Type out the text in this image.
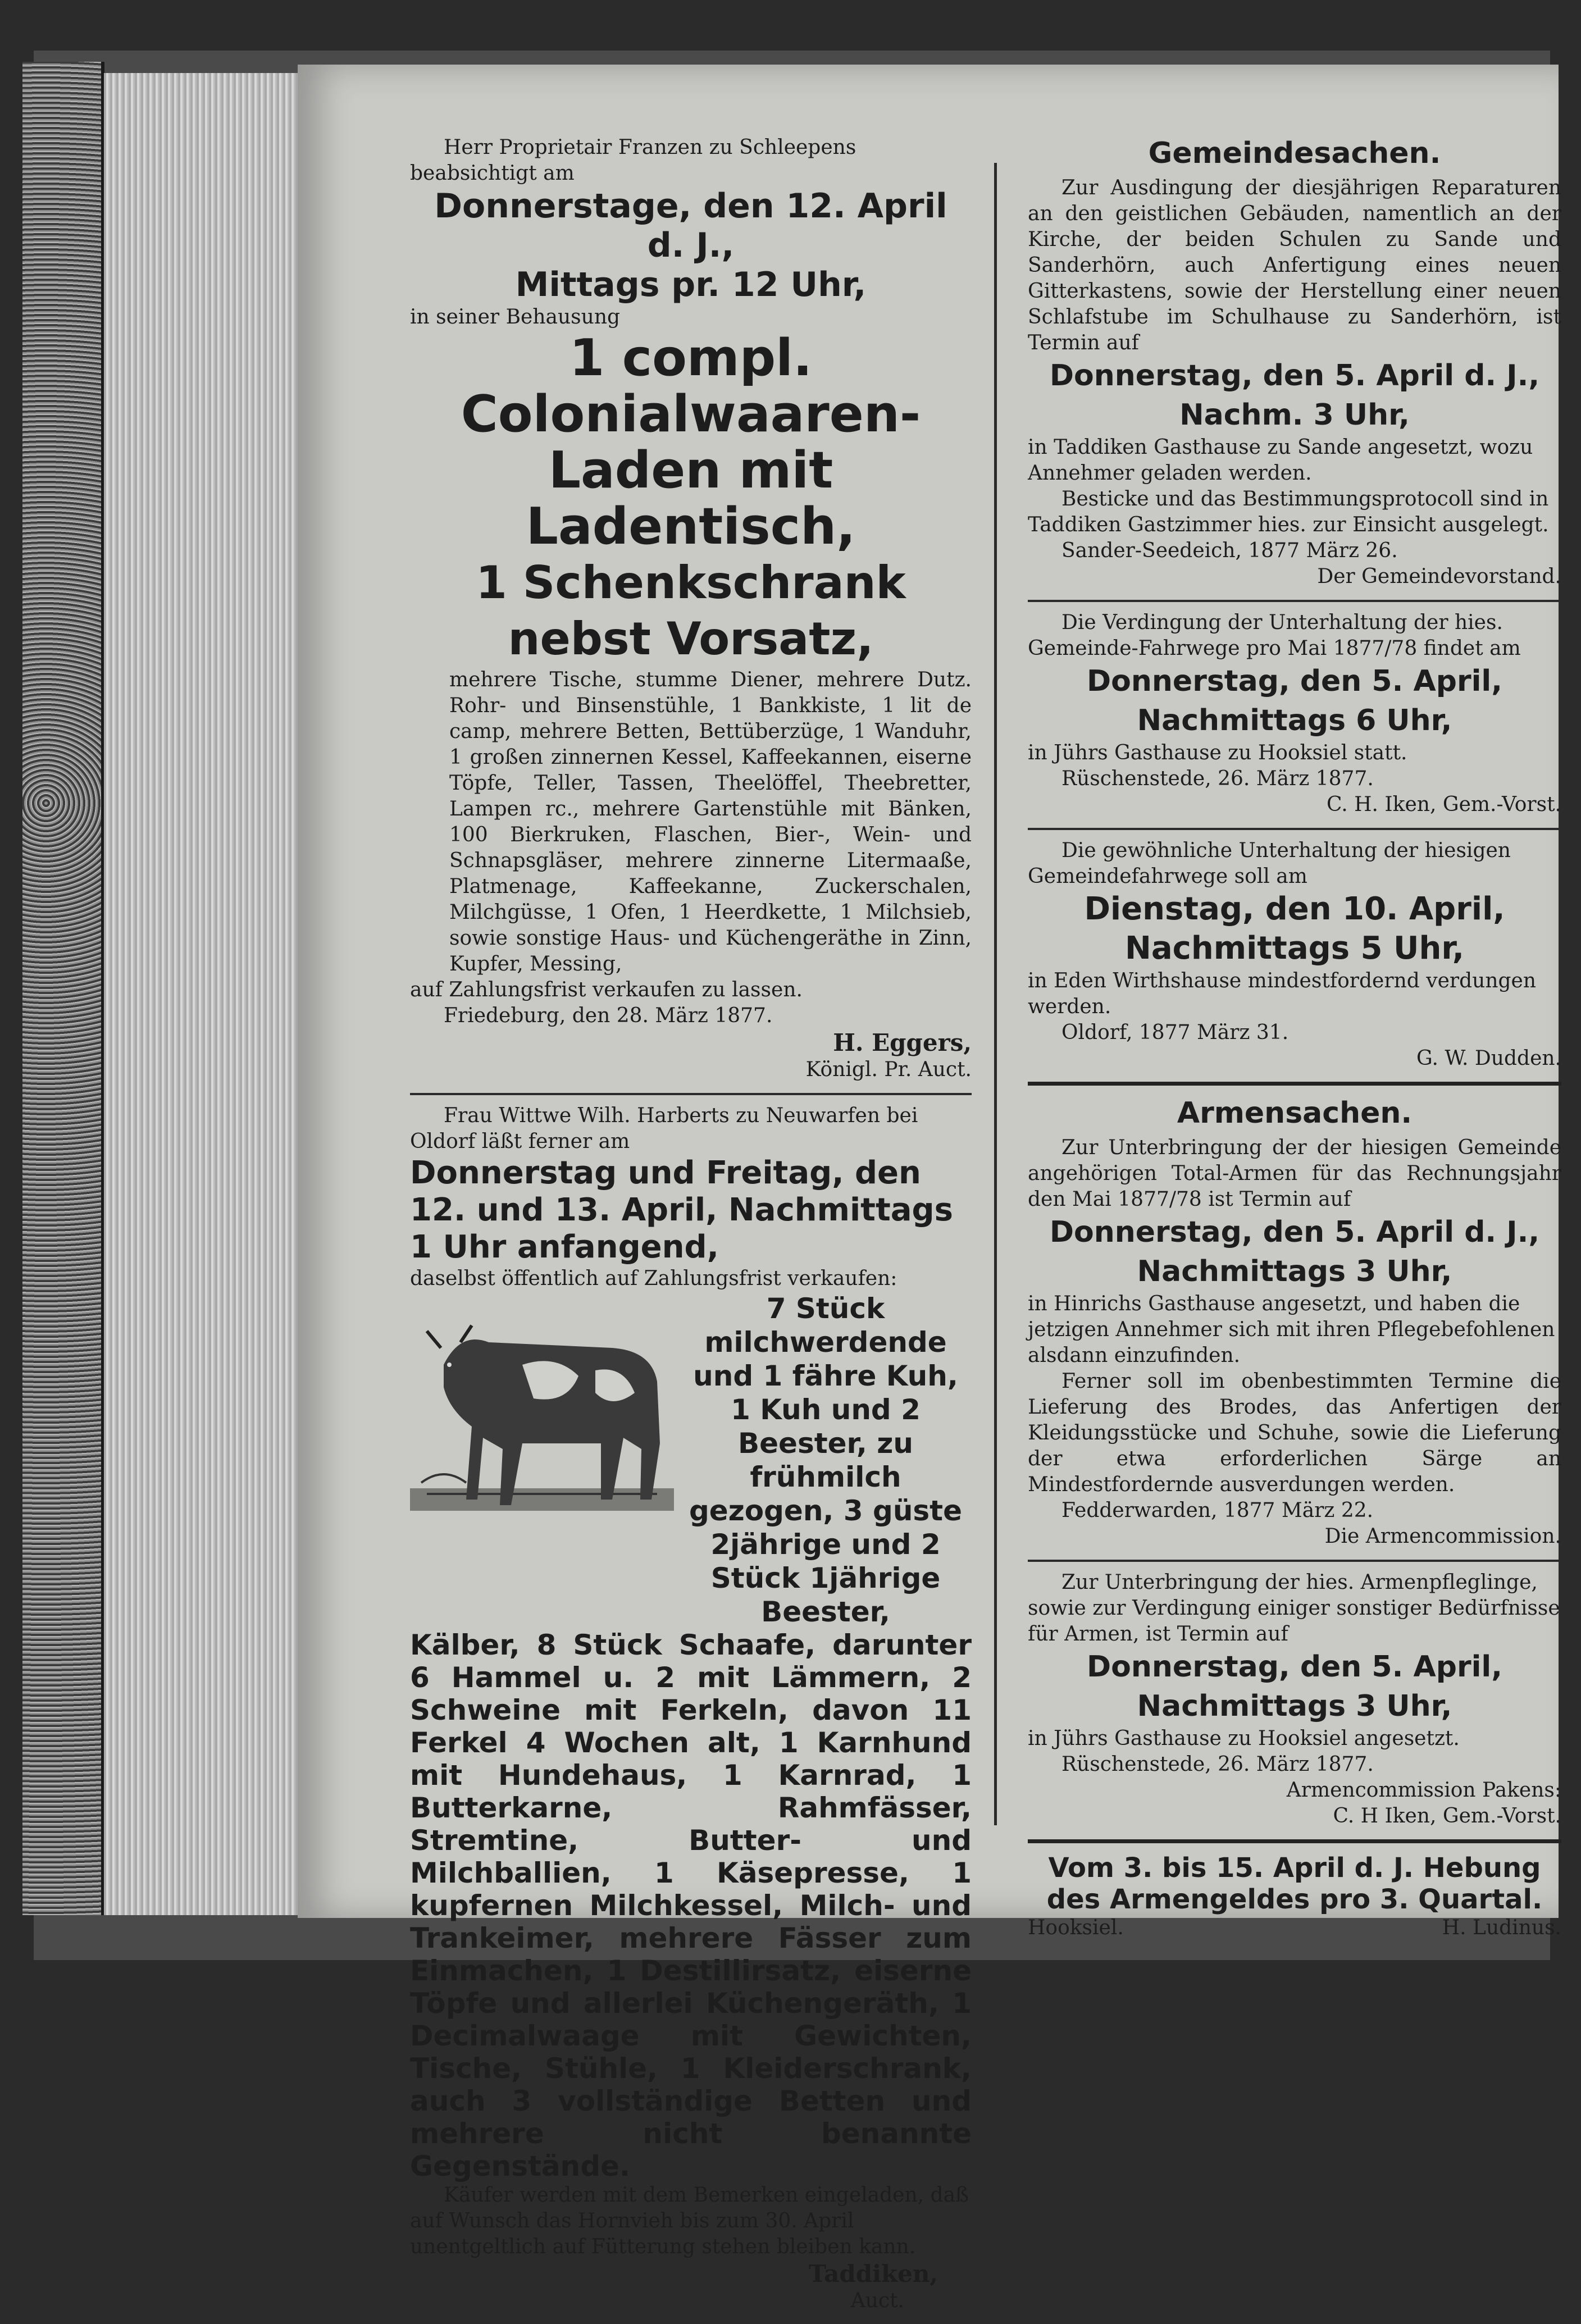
Herr Proprietair Franzen zu Schleepens beabsichtigt am

Donnerstage, den 12. April d. J.,

Mittags pr. 12 Uhr,

in seiner Behausung

1 compl. Colonialwaaren-

Laden mit Ladentisch,

1 Schenkschrank nebst Vorsatz,

mehrere Tische, stumme Diener, mehrere Dutz. Rohr- und Binsenstühle, 1 Bankkiste, 1 lit de camp, mehrere Betten, Bettüberzüge, 1 Wanduhr, 1 großen zinnernen Kessel, Kaffeekannen, eiserne Töpfe, Teller, Tassen, Theelöffel, Theebretter, Lampen rc., mehrere Gartenstühle mit Bänken, 100 Bierkruken, Flaschen, Bier-, Wein- und Schnapsgläser, mehrere zinnerne Litermaaße, Platmenage, Kaffeekanne, Zuckerschalen, Milchgüsse, 1 Ofen, 1 Heerdkette, 1 Milchsieb, sowie sonstige Haus- und Küchengeräthe in Zinn, Kupfer, Messing,

auf Zahlungsfrist verkaufen zu lassen.

Friedeburg, den 28. März 1877.

H. Eggers,

Königl. Pr. Auct.

Frau Wittwe Wilh. Harberts zu Neuwarfen bei Oldorf läßt ferner am

Donnerstag und Freitag, den 12. und 13. April, Nachmittags 1 Uhr anfangend,

daselbst öffentlich auf Zahlungsfrist verkaufen:

7 Stück milchwerdende und 1 fähre Kuh, 1 Kuh und 2 Beester, zu frühmilch gezogen, 3 güste 2jährige und 2 Stück 1jährige Beester,

Kälber, 8 Stück Schaafe, darunter 6 Hammel u. 2 mit Lämmern, 2 Schweine mit Ferkeln, davon 11 Ferkel 4 Wochen alt, 1 Karnhund mit Hundehaus, 1 Karnrad, 1 Butterkarne, Rahmfässer, Stremtine, Butter- und Milchballien, 1 Käsepresse, 1 kupfernen Milchkessel, Milch- und Trankeimer, mehrere Fässer zum Einmachen, 1 Destillirsatz, eiserne Töpfe und allerlei Küchengeräth, 1 Decimalwaage mit Gewichten, Tische, Stühle, 1 Kleiderschrank, auch 3 vollständige Betten und mehrere nicht benannte Gegenstände.

Käufer werden mit dem Bemerken eingeladen, daß auf Wunsch das Hornvieh bis zum 30. April unentgeltlich auf Fütterung stehen bleiben kann.

Taddiken,

Auct.

Gemeindesachen.

Zur Ausdingung der diesjährigen Reparaturen an den geistlichen Gebäuden, namentlich an der Kirche, der beiden Schulen zu Sande und Sanderhörn, auch Anfertigung eines neuen Gitterkastens, sowie der Herstellung einer neuen Schlafstube im Schulhause zu Sanderhörn, ist Termin auf

Donnerstag, den 5. April d. J.,

Nachm. 3 Uhr,

in Taddiken Gasthause zu Sande angesetzt, wozu Annehmer geladen werden.

Besticke und das Bestimmungsprotocoll sind in Taddiken Gastzimmer hies. zur Einsicht ausgelegt.

Sander-Seedeich, 1877 März 26.

Der Gemeindevorstand.

Die Verdingung der Unterhaltung der hies. Gemeinde-Fahrwege pro Mai 1877/78 findet am

Donnerstag, den 5. April,

Nachmittags 6 Uhr,

in Jührs Gasthause zu Hooksiel statt.

Rüschenstede, 26. März 1877.

C. H. Iken, Gem.-Vorst.

Die gewöhnliche Unterhaltung der hiesigen Gemeindefahrwege soll am

Dienstag, den 10. April,

Nachmittags 5 Uhr,

in Eden Wirthshause mindestfordernd verdungen werden.

Oldorf, 1877 März 31.

G. W. Dudden.

Armensachen.

Zur Unterbringung der der hiesigen Gemeinde angehörigen Total-Armen für das Rechnungsjahr den Mai 1877/78 ist Termin auf

Donnerstag, den 5. April d. J.,

Nachmittags 3 Uhr,

in Hinrichs Gasthause angesetzt, und haben die jetzigen Annehmer sich mit ihren Pflegebefohlenen alsdann einzufinden.

Ferner soll im obenbestimmten Termine die Lieferung des Brodes, das Anfertigen der Kleidungsstücke und Schuhe, sowie die Lieferung der etwa erforderlichen Särge an Mindestfordernde ausverdungen werden.

Fedderwarden, 1877 März 22.

Die Armencommission.

Zur Unterbringung der hies. Armenpfleglinge, sowie zur Verdingung einiger sonstiger Bedürfnisse für Armen, ist Termin auf

Donnerstag, den 5. April,

Nachmittags 3 Uhr,

in Jührs Gasthause zu Hooksiel angesetzt.

Rüschenstede, 26. März 1877.

Armencommission Pakens:

C. H Iken, Gem.-Vorst.

Vom 3. bis 15. April d. J. Hebung des Armengeldes pro 3. Quartal.

Hooksiel.	H. Ludinus.
